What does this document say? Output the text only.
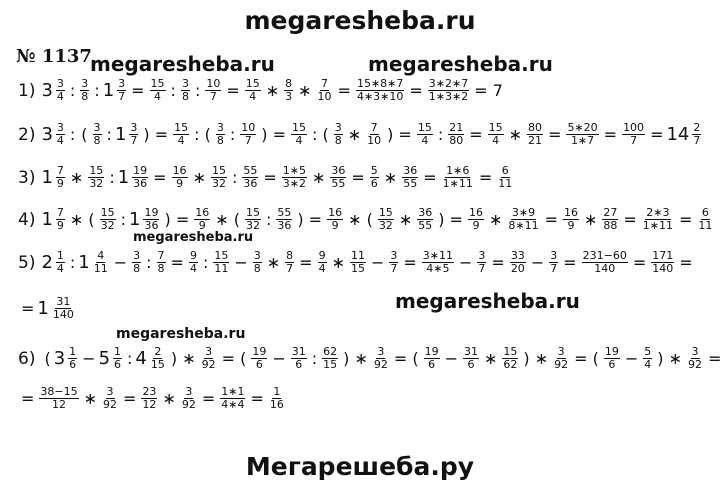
megaresheba.ru
№ 1137
megaresheba.ru	megaresheba.ru
1) $3 \frac{3}{4}$ : $\frac{3}{8}$ : $1 \frac{3}{7} = \frac{15}{4}$ : $\frac{3}{8}$ : $\frac{10}{7} = \frac{15}{4}$ ∗ $\frac{8}{3}$ ∗ $\frac{7}{10} = \frac{15∗8∗7}{4∗3∗10} = \frac{3∗2∗7}{1∗3∗2} = 7$
2) $3 \frac{3}{4}$ : ( $\frac{3}{8}$ : $1 \frac{3}{7}$ ) = $\frac{15}{4}$ : ( $\frac{3}{8}$ : $\frac{10}{7}$ ) = $\frac{15}{4}$ : ( $\frac{3}{8}$ ∗ $\frac{7}{10}$ ) = $\frac{15}{4}$ : $\frac{21}{80} = \frac{15}{4}$ ∗ $\frac{80}{21} = \frac{5∗20}{1∗7} = \frac{100}{7} = 14 \frac{2}{7}$
3) $1 \frac{7}{9}$ ∗ $\frac{15}{32}$ : $1 \frac{19}{36} = \frac{16}{9}$ ∗ $\frac{15}{32}$ : $\frac{55}{36} = \frac{1∗5}{3∗2}$ ∗ $\frac{36}{55} = \frac{5}{6}$ ∗ $\frac{36}{55} = \frac{1∗6}{1∗11} = \frac{6}{11}$
megaresheba.ru
4) $1 \frac{7}{9}$ ∗ ( $\frac{15}{32}$ : $1 \frac{19}{36}$ ) = $\frac{16}{9}$ ∗ ( $\frac{15}{32}$ : $\frac{55}{36}$ ) = $\frac{16}{9}$ ∗ ( $\frac{15}{32}$ ∗ $\frac{36}{55}$ ) = $\frac{16}{9}$ ∗ $\frac{3∗9}{8∗11} = \frac{16}{9}$ ∗ $\frac{27}{88} = \frac{2∗3}{1∗11} = \frac{6}{11}$
5) $2 \frac{1}{4}$ : $1 \frac{4}{11} - \frac{3}{8}$ : $\frac{7}{8} = \frac{9}{4}$ : $\frac{15}{11} - \frac{3}{8}$ ∗ $\frac{8}{7} = \frac{9}{4}$ ∗ $\frac{11}{15} - \frac{3}{7} = \frac{3∗11}{4∗5} - \frac{3}{7} = \frac{33}{20} - \frac{3}{7} = \frac{231-60}{140} = \frac{171}{140}$ =
megaresheba.ru
= $1 \frac{31}{140}$
megaresheba.ru
6) ( $3 \frac{1}{6} - 5 \frac{1}{6}$ : $4 \frac{2}{15}$ ) ∗ $\frac{3}{92}$ = ( $\frac{19}{6} - \frac{31}{6}$ : $\frac{62}{15}$ ) ∗ $\frac{3}{92}$ = ( $\frac{19}{6} - \frac{31}{6}$ ∗ $\frac{15}{62}$ ) ∗ $\frac{3}{92}$ = ( $\frac{19}{6} - \frac{5}{4}$ ) ∗ $\frac{3}{92}$ =
= $\frac{38-15}{12}$ ∗ $\frac{3}{92} = \frac{23}{12}$ ∗ $\frac{3}{92} = \frac{1∗1}{4∗4} = \frac{1}{16}$
Мегарешеба.ру
